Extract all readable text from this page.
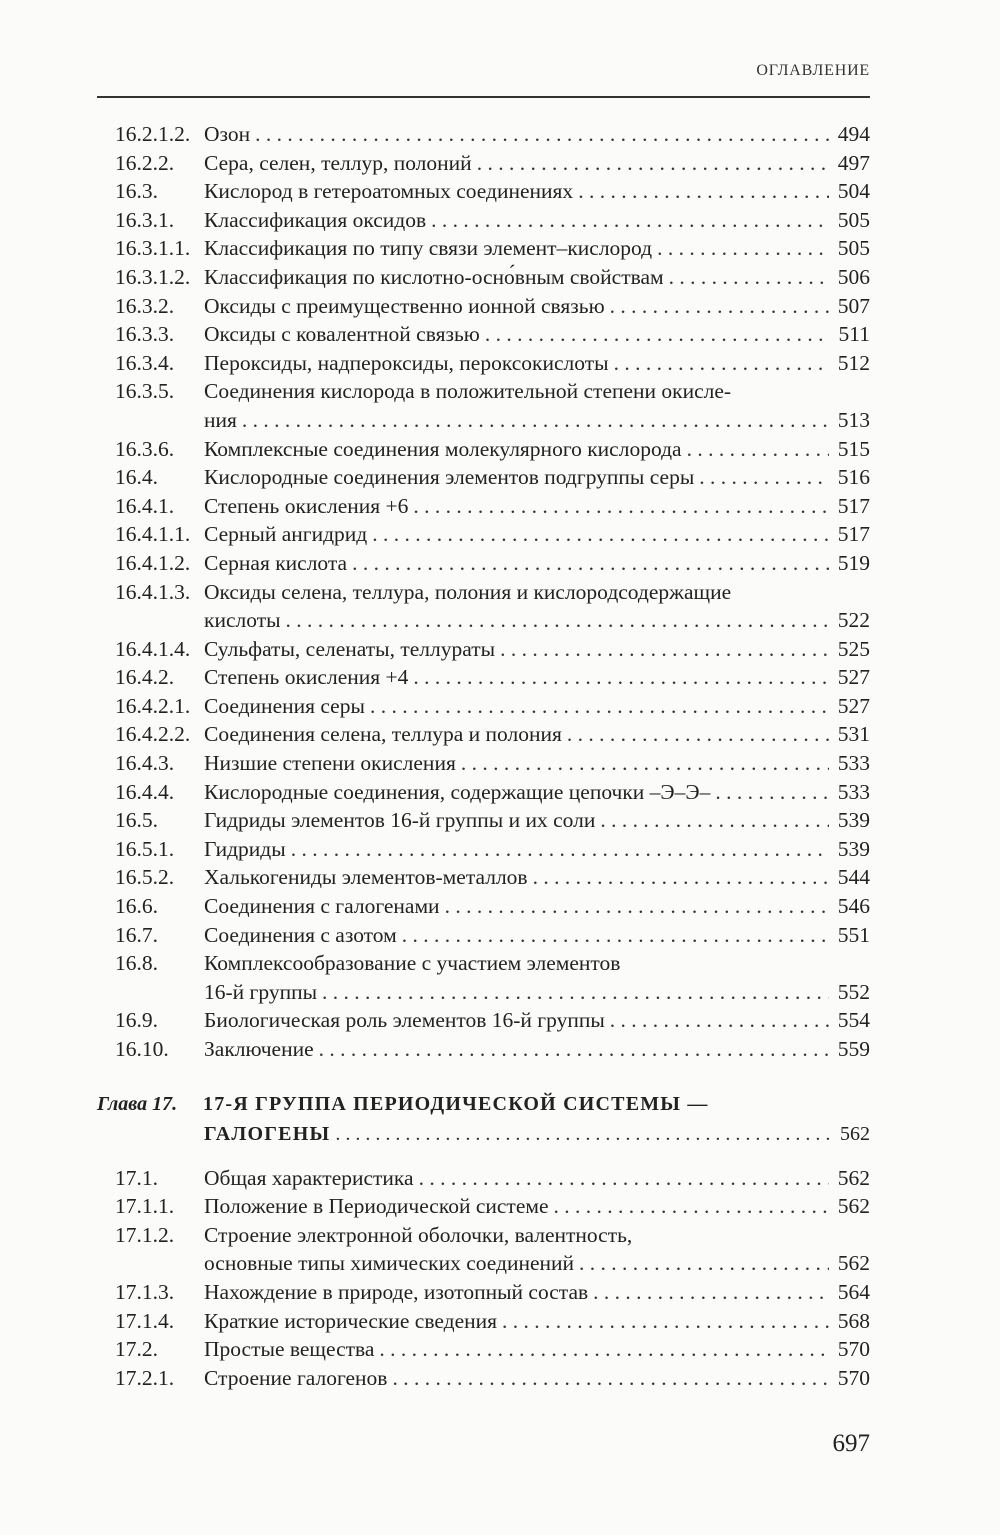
ОГЛАВЛЕНИЕ
16.2.1.2. Озон . . .	494
16.2.2.	Сера, селен, теллур, полоний . . .	497
16.3.	Кислород в гетероатомных соединениях . . .	504
16.3.1.	Классификация оксидов . . .	505
16.3.1.1. Классификация по типу связи элемент–кислород . . .	505
16.3.1.2. Классификация по кислотно-осно́вным свойствам . . .	506
16.3.2.	Оксиды с преимущественно ионной связью . . .	507
16.3.3.	Оксиды с ковалентной связью . . .	511
16.3.4.	Пероксиды, надпероксиды, пероксокислоты . . .	512
16.3.5.	Соединения кислорода в положительной степени окисле-
ния . . .	513
16.3.6.	Комплексные соединения молекулярного кислорода . . .	515
16.4.	Кислородные соединения элементов подгруппы серы . . .	516
16.4.1.	Степень окисления +6 . . .	517
16.4.1.1. Серный ангидрид . . .	517
16.4.1.2. Серная кислота . . .	519
16.4.1.3. Оксиды селена, теллура, полония и кислородсодержащие
кислоты . . .	522
16.4.1.4. Сульфаты, селенаты, теллураты . . .	525
16.4.2.	Степень окисления +4 . . .	527
16.4.2.1. Соединения серы . . .	527
16.4.2.2. Соединения селена, теллура и полония . . .	531
16.4.3.	Низшие степени окисления . . .	533
16.4.4.	Кислородные соединения, содержащие цепочки –Э–Э– . . .	533
16.5.	Гидриды элементов 16-й группы и их соли . . .	539
16.5.1.	Гидриды . . .	539
16.5.2.	Халькогениды элементов-металлов . . .	544
16.6.	Соединения с галогенами . . .	546
16.7.	Соединения с азотом . . .	551
16.8.	Комплексообразование с участием элементов
16-й группы . . .	552
16.9.	Биологическая роль элементов 16-й группы . . .	554
16.10.	Заключение . . .	559
Глава 17.	17-Я ГРУППА ПЕРИОДИЧЕСКОЙ СИСТЕМЫ —
ГАЛОГЕНЫ . . .	562
17.1.	Общая характеристика . . .	562
17.1.1.	Положение в Периодической системе . . .	562
17.1.2.	Строение электронной оболочки, валентность,
основные типы химических соединений . . .	562
17.1.3.	Нахождение в природе, изотопный состав . . .	564
17.1.4.	Краткие исторические сведения . . .	568
17.2.	Простые вещества . . .	570
17.2.1.	Строение галогенов . . .	570
697
